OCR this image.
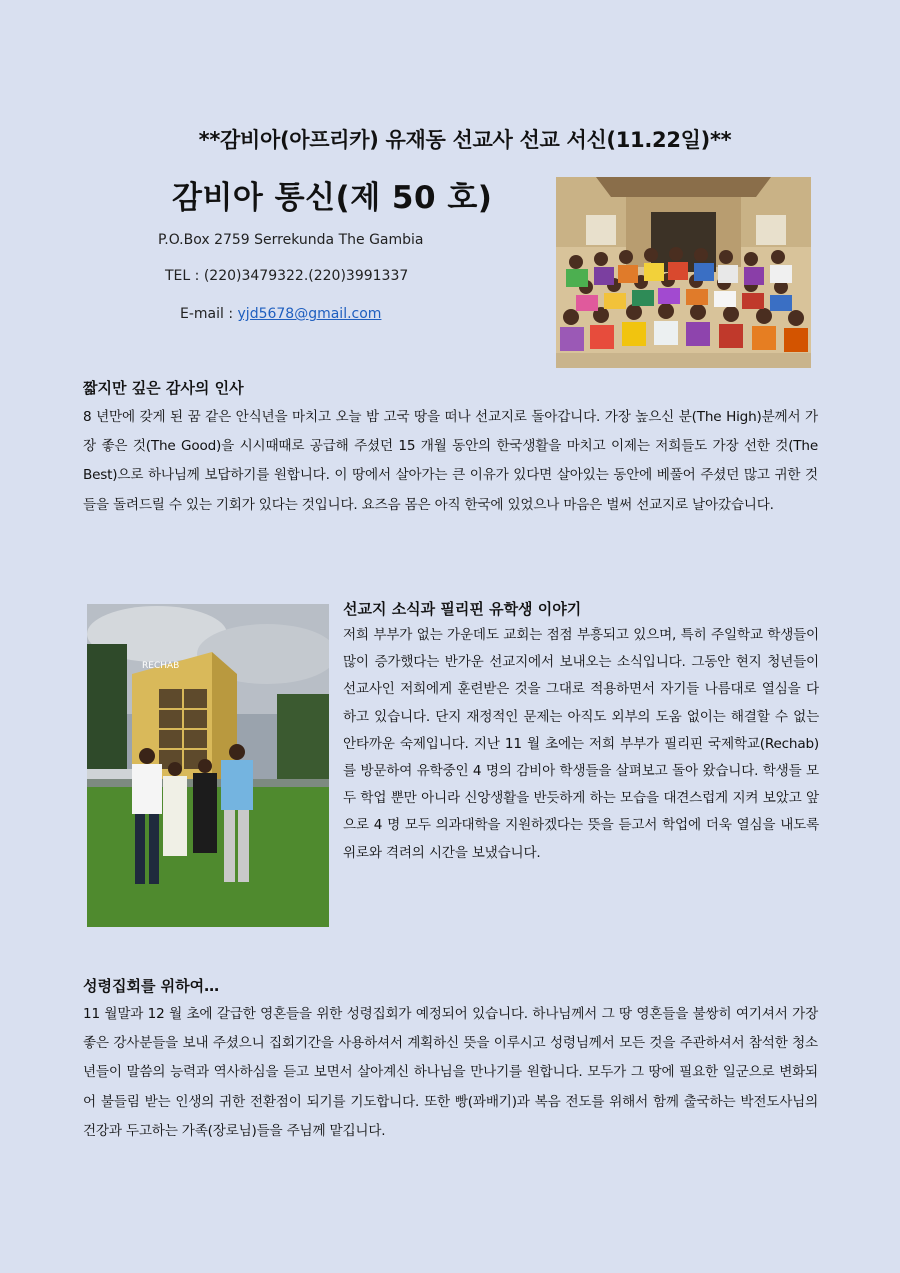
**감비아(아프리카) 유재동 선교사 선교 서신(11.22일)**
감비아 통신(제 50 호)
P.O.Box 2759 Serrekunda The Gambia
TEL : (220)3479322.(220)3991337
E-mail : yjd5678@gmail.com
짧지만 깊은 감사의 인사
8 년만에 갖게 된 꿈 같은 안식년을 마치고 오늘 밤 고국 땅을 떠나 선교지로 돌아갑니다. 가장 높으신 분(The High)분께서 가장 좋은 것(The Good)을 시시때때로 공급해 주셨던 15 개월 동안의 한국생활을 마치고 이제는 저희들도 가장 선한 것(The Best)으로 하나님께 보답하기를 원합니다. 이 땅에서 살아가는 큰 이유가 있다면 살아있는 동안에 베풀어 주셨던 많고 귀한 것들을 돌려드릴 수 있는 기회가 있다는 것입니다. 요즈음 몸은 아직 한국에 있었으나 마음은 벌써 선교지로 날아갔습니다.
RECHAB
선교지 소식과 필리핀 유학생 이야기
저희 부부가 없는 가운데도 교회는 점점 부흥되고 있으며, 특히 주일학교 학생들이 많이 증가했다는 반가운 선교지에서 보내오는 소식입니다. 그동안 현지 청년들이 선교사인 저희에게 훈련받은 것을 그대로 적용하면서 자기들 나름대로 열심을 다하고 있습니다. 단지 재정적인 문제는 아직도 외부의 도움 없이는 해결할 수 없는 안타까운 숙제입니다. 지난 11 월 초에는 저희 부부가 필리핀 국제학교(Rechab)를 방문하여 유학중인 4 명의 감비아 학생들을 살펴보고 돌아 왔습니다. 학생들 모두 학업 뿐만 아니라 신앙생활을 반듯하게 하는 모습을 대견스럽게 지켜 보았고 앞으로 4 명 모두 의과대학을 지원하겠다는 뜻을 듣고서 학업에 더욱 열심을 내도록 위로와 격려의 시간을 보냈습니다.
성령집회를 위하여…
11 월말과 12 월 초에 갈급한 영혼들을 위한 성령집회가 예정되어 있습니다. 하나님께서 그 땅 영혼들을 불쌍히 여기셔서 가장 좋은 강사분들을 보내 주셨으니 집회기간을 사용하셔서 계획하신 뜻을 이루시고 성령님께서 모든 것을 주관하셔서 참석한 청소년들이 말씀의 능력과 역사하심을 듣고 보면서 살아계신 하나님을 만나기를 원합니다. 모두가 그 땅에 필요한 일군으로 변화되어 불들림 받는 인생의 귀한 전환점이 되기를 기도합니다. 또한 빵(꽈배기)과 복음 전도를 위해서 함께 출국하는 박전도사님의 건강과 두고하는 가족(장로님)들을 주님께 맡깁니다.
